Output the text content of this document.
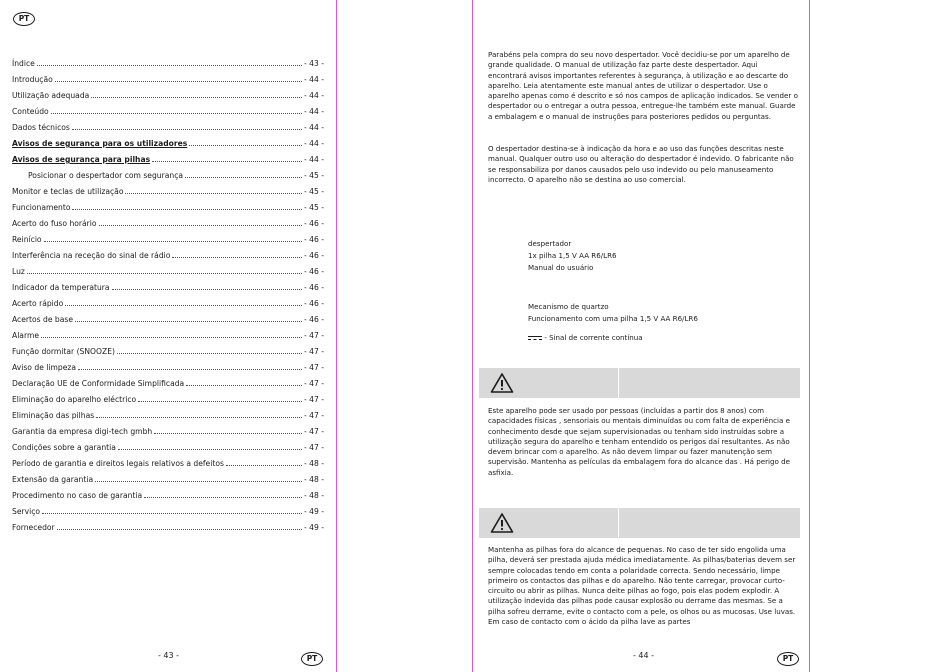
PT
Índice	- 43 -
Introdução	- 44 -
Utilização adequada	- 44 -
Conteúdo	- 44 -
Dados técnicos	- 44 -
Avisos de segurança para os utilizadores	- 44 -
Avisos de segurança para pilhas	- 44 -
Posicionar o despertador com segurança	- 45 -
Monitor e teclas de utilização	- 45 -
Funcionamento	- 45 -
Acerto do fuso horário	- 46 -
Reinício	- 46 -
Interferência na receção do sinal de rádio	- 46 -
Luz	- 46 -
Indicador da temperatura	- 46 -
Acerto rápido	- 46 -
Acertos de base	- 46 -
Alarme	- 47 -
Função dormitar (SNOOZE)	- 47 -
Aviso de limpeza	- 47 -
Declaração UE de Conformidade Simplificada	- 47 -
Eliminação do aparelho eléctrico	- 47 -
Eliminação das pilhas	- 47 -
Garantia da empresa digi-tech gmbh	- 47 -
Condições sobre a garantia	- 47 -
Período de garantia e direitos legais relativos a defeitos	- 48 -
Extensão da garantia	- 48 -
Procedimento no caso de garantia	- 48 -
Serviço	- 49 -
Fornecedor	- 49 -
- 43 -

Parabéns pela compra do seu novo despertador. Você decidiu-se por um aparelho de grande qualidade. O manual de utilização faz parte deste despertador. Aqui encontrará avisos importantes referentes à segurança, à utilização e ao descarte do aparelho. Leia atentamente este manual antes de utilizar o despertador. Use o aparelho apenas como é descrito e só nos campos de aplicação indicados. Se vender o despertador ou o entregar a outra pessoa, entregue-lhe também este manual. Guarde a embalagem e o manual de instruções para posteriores pedidos ou perguntas.

O despertador destina-se à indicação da hora e ao uso das funções descritas neste manual. Qualquer outro uso ou alteração do despertador é indevido. O fabricante não se responsabiliza por danos causados pelo uso indevido ou pelo manuseamento incorrecto. O aparelho não se destina ao uso comercial.

despertador
1x pilha 1,5 V AA R6/LR6
Manual do usuário
Mecanismo de quartzo
Funcionamento com uma pilha 1,5 V AA R6/LR6
- Sinal de corrente contínua

Este aparelho pode ser usado por pessoas (incluídas a partir dos 8 anos) com capacidades físicas , sensoriais ou mentais diminuídas ou com falta de experiência e conhecimento desde que sejam supervisionadas ou tenham sido instruídas sobre a utilização segura do aparelho e tenham entendido os perigos daí resultantes. As não devem brincar com o aparelho. As não devem limpar ou fazer manutenção sem supervisão. Mantenha as películas da embalagem fora do alcance das . Há perigo de asfixia.

Mantenha as pilhas fora do alcance de pequenas. No caso de ter sido engolida uma pilha, deverá ser prestada ajuda médica imediatamente. As pilhas/baterias devem ser sempre colocadas tendo em conta a polaridade correcta. Sendo necessário, limpe primeiro os contactos das pilhas e do aparelho. Não tente carregar, provocar curto-circuito ou abrir as pilhas. Nunca deite pilhas ao fogo, pois elas podem explodir. A utilização indevida das pilhas pode causar explosão ou derrame das mesmas. Se a pilha sofreu derrame, evite o contacto com a pele, os olhos ou as mucosas. Use luvas. Em caso de contacto com o ácido da pilha lave as partes

- 44 -	PT
PT
